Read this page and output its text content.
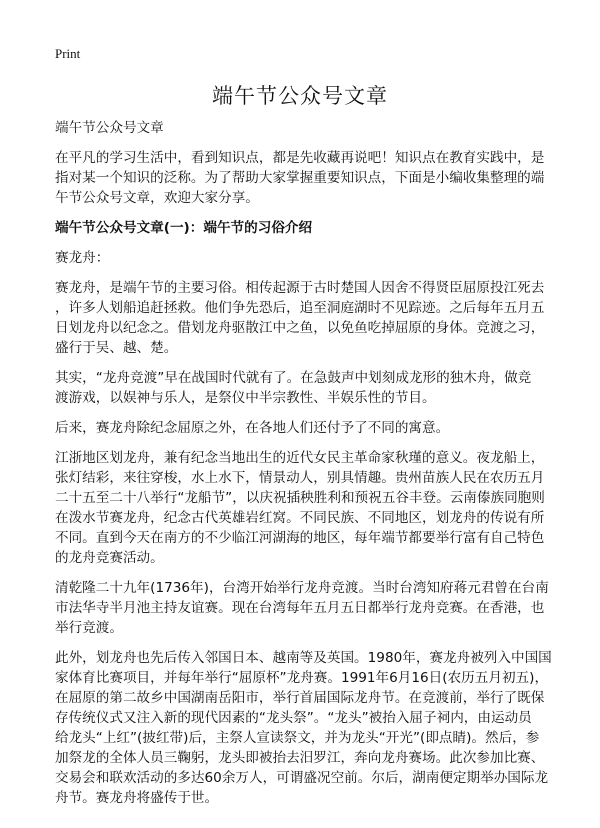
Print
端午节公众号文章

端午节公众号文章

在平凡的学习生活中，看到知识点，都是先收藏再说吧！知识点在教育实践中，是
指对某一个知识的泛称。为了帮助大家掌握重要知识点，下面是小编收集整理的端
午节公众号文章，欢迎大家分享。

端午节公众号文章(一)：端午节的习俗介绍

赛龙舟：

赛龙舟，是端午节的主要习俗。相传起源于古时楚国人因舍不得贤臣屈原投江死去
，许多人划船追赶拯救。他们争先恐后，追至洞庭湖时不见踪迹。之后每年五月五
日划龙舟以纪念之。借划龙舟驱散江中之鱼，以免鱼吃掉屈原的身体。竞渡之习，
盛行于吴、越、楚。

其实，“龙舟竞渡”早在战国时代就有了。在急鼓声中划刻成龙形的独木舟，做竞
渡游戏，以娱神与乐人，是祭仪中半宗教性、半娱乐性的节目。

后来，赛龙舟除纪念屈原之外，在各地人们还付予了不同的寓意。

江浙地区划龙舟，兼有纪念当地出生的近代女民主革命家秋瑾的意义。夜龙船上，
张灯结彩，来往穿梭，水上水下，情景动人，别具情趣。贵州苗族人民在农历五月
二十五至二十八举行“龙船节”，以庆祝插秧胜利和预祝五谷丰登。云南傣族同胞则
在泼水节赛龙舟，纪念古代英雄岩红窝。不同民族、不同地区，划龙舟的传说有所
不同。直到今天在南方的不少临江河湖海的地区，每年端节都要举行富有自己特色
的龙舟竞赛活动。

清乾隆二十九年(1736年)，台湾开始举行龙舟竞渡。当时台湾知府蒋元君曾在台南
市法华寺半月池主持友谊赛。现在台湾每年五月五日都举行龙舟竞赛。在香港，也
举行竞渡。

此外，划龙舟也先后传入邻国日本、越南等及英国。1980年，赛龙舟被列入中国国
家体育比赛项目，并每年举行“屈原杯”龙舟赛。1991年6月16日(农历五月初五)，
在屈原的第二故乡中国湖南岳阳市，举行首届国际龙舟节。在竞渡前，举行了既保
存传统仪式又注入新的现代因素的“龙头祭”。“龙头”被抬入屈子祠内，由运动员
给龙头“上红”(披红带)后，主祭人宣读祭文，并为龙头“开光”(即点睛)。然后，参
加祭龙的全体人员三鞠躬，龙头即被抬去汨罗江，奔向龙舟赛场。此次参加比赛、
交易会和联欢活动的多达60余万人，可谓盛况空前。尔后，湖南便定期举办国际龙
舟节。赛龙舟将盛传于世。
